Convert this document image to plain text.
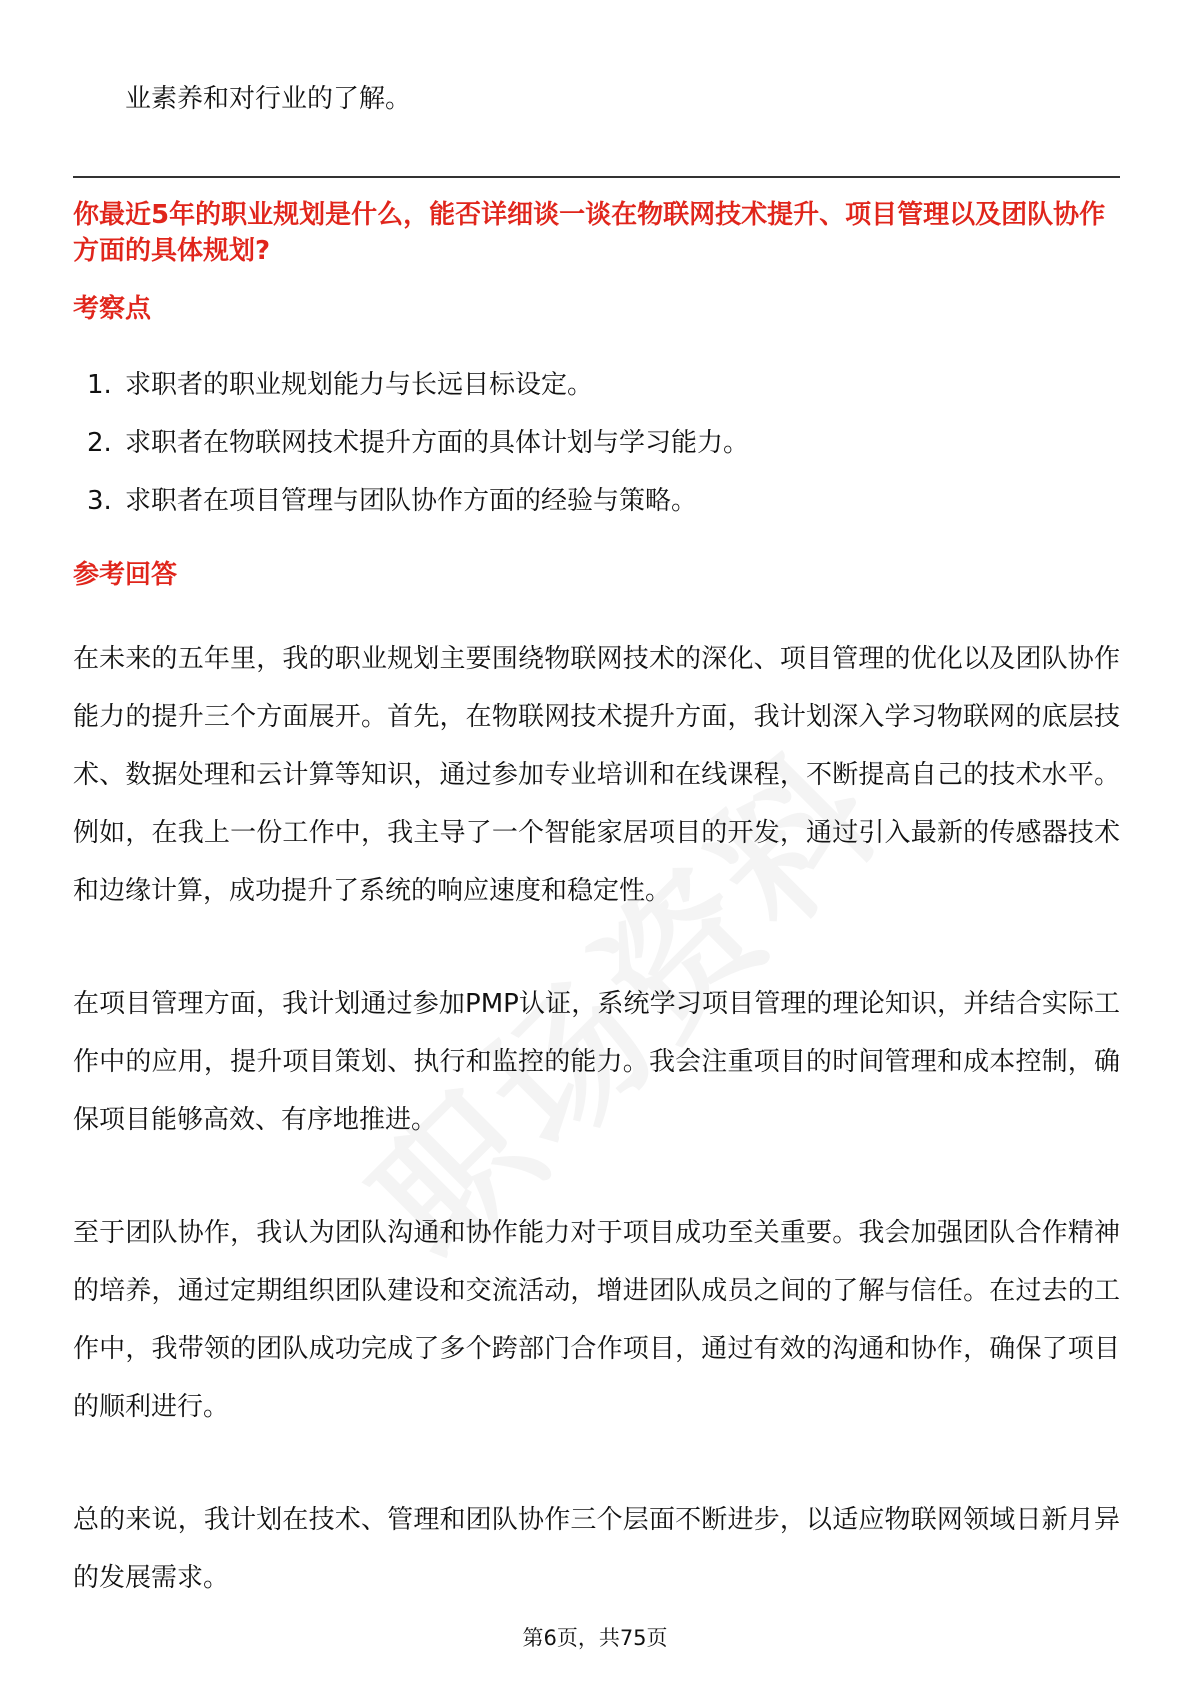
业素养和对行业的了解。
你最近5年的职业规划是什么，能否详细谈一谈在物联网技术提升、项目管理以及团队协作方面的具体规划?
考察点
1. 求职者的职业规划能力与长远目标设定。
2. 求职者在物联网技术提升方面的具体计划与学习能力。
3. 求职者在项目管理与团队协作方面的经验与策略。
参考回答

在未来的五年里，我的职业规划主要围绕物联网技术的深化、项目管理的优化以及团队协作能力的提升三个方面展开。首先，在物联网技术提升方面，我计划深入学习物联网的底层技术、数据处理和云计算等知识，通过参加专业培训和在线课程，不断提高自己的技术水平。例如，在我上一份工作中，我主导了一个智能家居项目的开发，通过引入最新的传感器技术和边缘计算，成功提升了系统的响应速度和稳定性。

在项目管理方面，我计划通过参加PMP认证，系统学习项目管理的理论知识，并结合实际工作中的应用，提升项目策划、执行和监控的能力。我会注重项目的时间管理和成本控制，确保项目能够高效、有序地推进。

至于团队协作，我认为团队沟通和协作能力对于项目成功至关重要。我会加强团队合作精神的培养，通过定期组织团队建设和交流活动，增进团队成员之间的了解与信任。在过去的工作中，我带领的团队成功完成了多个跨部门合作项目，通过有效的沟通和协作，确保了项目的顺利进行。

总的来说，我计划在技术、管理和团队协作三个层面不断进步，以适应物联网领域日新月异的发展需求。

第6页，共75页
